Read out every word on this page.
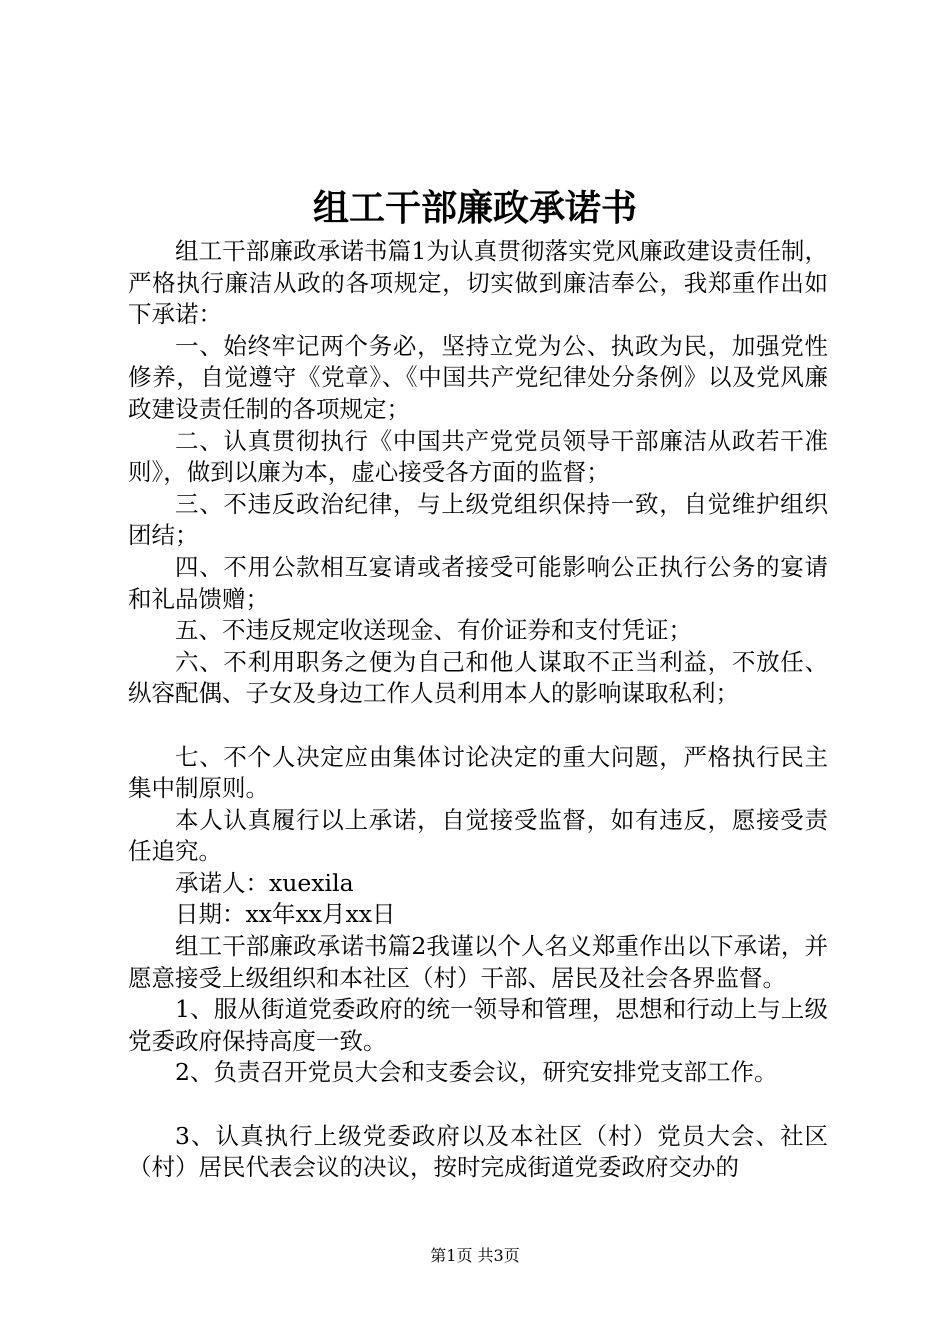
组工干部廉政承诺书

组工干部廉政承诺书篇1为认真贯彻落实党风廉政建设责任制，严格执行廉洁从政的各项规定，切实做到廉洁奉公，我郑重作出如下承诺：

一、始终牢记两个务必，坚持立党为公、执政为民，加强党性修养，自觉遵守《党章》、《中国共产党纪律处分条例》以及党风廉政建设责任制的各项规定；

二、认真贯彻执行《中国共产党党员领导干部廉洁从政若干准则》，做到以廉为本，虚心接受各方面的监督；

三、不违反政治纪律，与上级党组织保持一致，自觉维护组织团结；

四、不用公款相互宴请或者接受可能影响公正执行公务的宴请和礼品馈赠；

五、不违反规定收送现金、有价证券和支付凭证；

六、不利用职务之便为自己和他人谋取不正当利益，不放任、纵容配偶、子女及身边工作人员利用本人的影响谋取私利；

七、不个人决定应由集体讨论决定的重大问题，严格执行民主集中制原则。

本人认真履行以上承诺，自觉接受监督，如有违反，愿接受责任追究。

承诺人：xuexila

日期：xx年xx月xx日

组工干部廉政承诺书篇2我谨以个人名义郑重作出以下承诺，并愿意接受上级组织和本社区（村）干部、居民及社会各界监督。

1、服从街道党委政府的统一领导和管理，思想和行动上与上级党委政府保持高度一致。

2、负责召开党员大会和支委会议，研究安排党支部工作。

3、认真执行上级党委政府以及本社区（村）党员大会、社区（村）居民代表会议的决议，按时完成街道党委政府交办的

第1页 共3页
